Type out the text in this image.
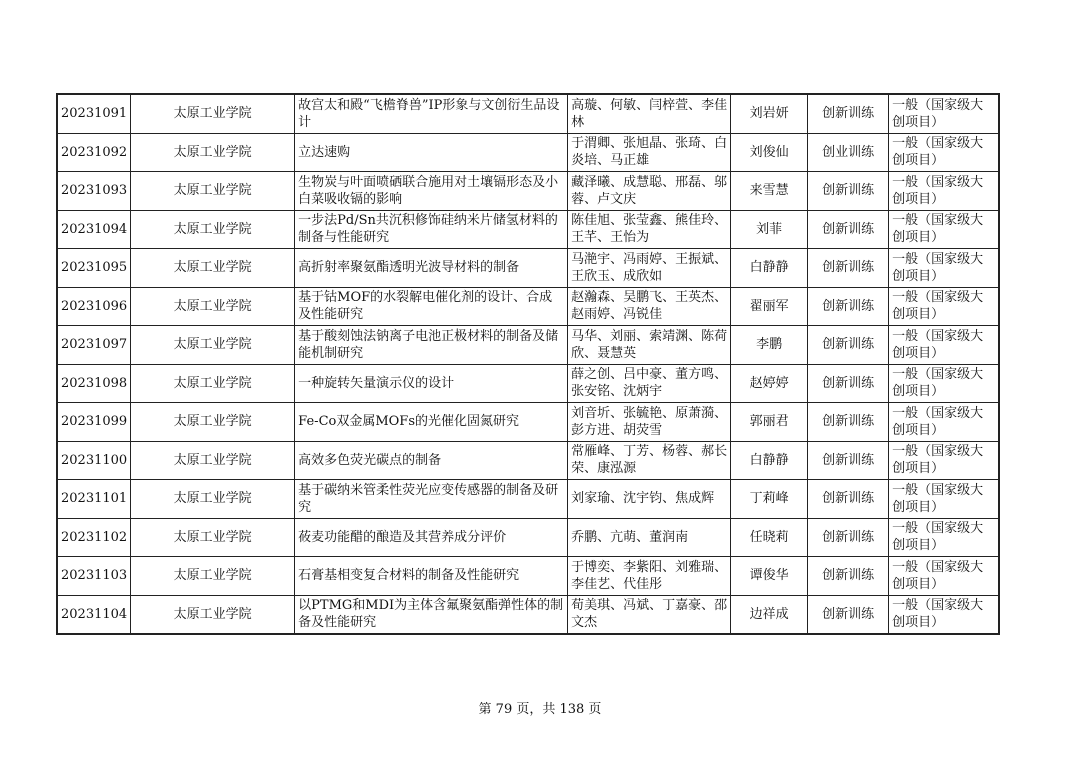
20231091	太原工业学院	故宫太和殿“飞檐脊兽”IP形象与文创衍生品设计	高璇、何敏、闫梓萱、李佳林	刘岩妍	创新训练	一般（国家级大创项目）
20231092	太原工业学院	立达速购	于渭卿、张旭晶、张琦、白炎培、马正雄	刘俊仙	创业训练	一般（国家级大创项目）
20231093	太原工业学院	生物炭与叶面喷硒联合施用对土壤镉形态及小白菜吸收镉的影响	藏泽曦、成慧聪、邢磊、邬蓉、卢文庆	来雪慧	创新训练	一般（国家级大创项目）
20231094	太原工业学院	一步法Pd/Sn共沉积修饰硅纳米片储氢材料的制备与性能研究	陈佳旭、张莹鑫、熊佳玲、王芊、王怡为	刘菲	创新训练	一般（国家级大创项目）
20231095	太原工业学院	高折射率聚氨酯透明光波导材料的制备	马滟宇、冯雨婷、王振斌、王欣玉、成欣如	白静静	创新训练	一般（国家级大创项目）
20231096	太原工业学院	基于钴MOF的水裂解电催化剂的设计、合成及性能研究	赵瀚森、吴鹏飞、王英杰、赵雨婷、冯锐佳	翟丽军	创新训练	一般（国家级大创项目）
20231097	太原工业学院	基于酸刻蚀法钠离子电池正极材料的制备及储能机制研究	马华、刘丽、索靖渊、陈荷欣、聂慧英	李鹏	创新训练	一般（国家级大创项目）
20231098	太原工业学院	一种旋转矢量演示仪的设计	薛之创、吕中豪、董方鸣、张安铭、沈炳宇	赵婷婷	创新训练	一般（国家级大创项目）
20231099	太原工业学院	Fe-Co双金属MOFs的光催化固氮研究	刘音圻、张毓艳、原萧漪、彭方进、胡荧雪	郭丽君	创新训练	一般（国家级大创项目）
20231100	太原工业学院	高效多色荧光碳点的制备	常雁峰、丁芳、杨蓉、郝长荣、康泓源	白静静	创新训练	一般（国家级大创项目）
20231101	太原工业学院	基于碳纳米管柔性荧光应变传感器的制备及研究	刘家瑜、沈宇钧、焦成辉	丁莉峰	创新训练	一般（国家级大创项目）
20231102	太原工业学院	莜麦功能醋的酿造及其营养成分评价	乔鹏、亢萌、董润南	任晓莉	创新训练	一般（国家级大创项目）
20231103	太原工业学院	石膏基相变复合材料的制备及性能研究	于博奕、李紫阳、刘雅瑞、李佳艺、代佳彤	谭俊华	创新训练	一般（国家级大创项目）
20231104	太原工业学院	以PTMG和MDI为主体含氟聚氨酯弹性体的制备及性能研究	荀美琪、冯斌、丁嘉豪、邵文杰	边祥成	创新训练	一般（国家级大创项目）
第 79 页，共 138 页
